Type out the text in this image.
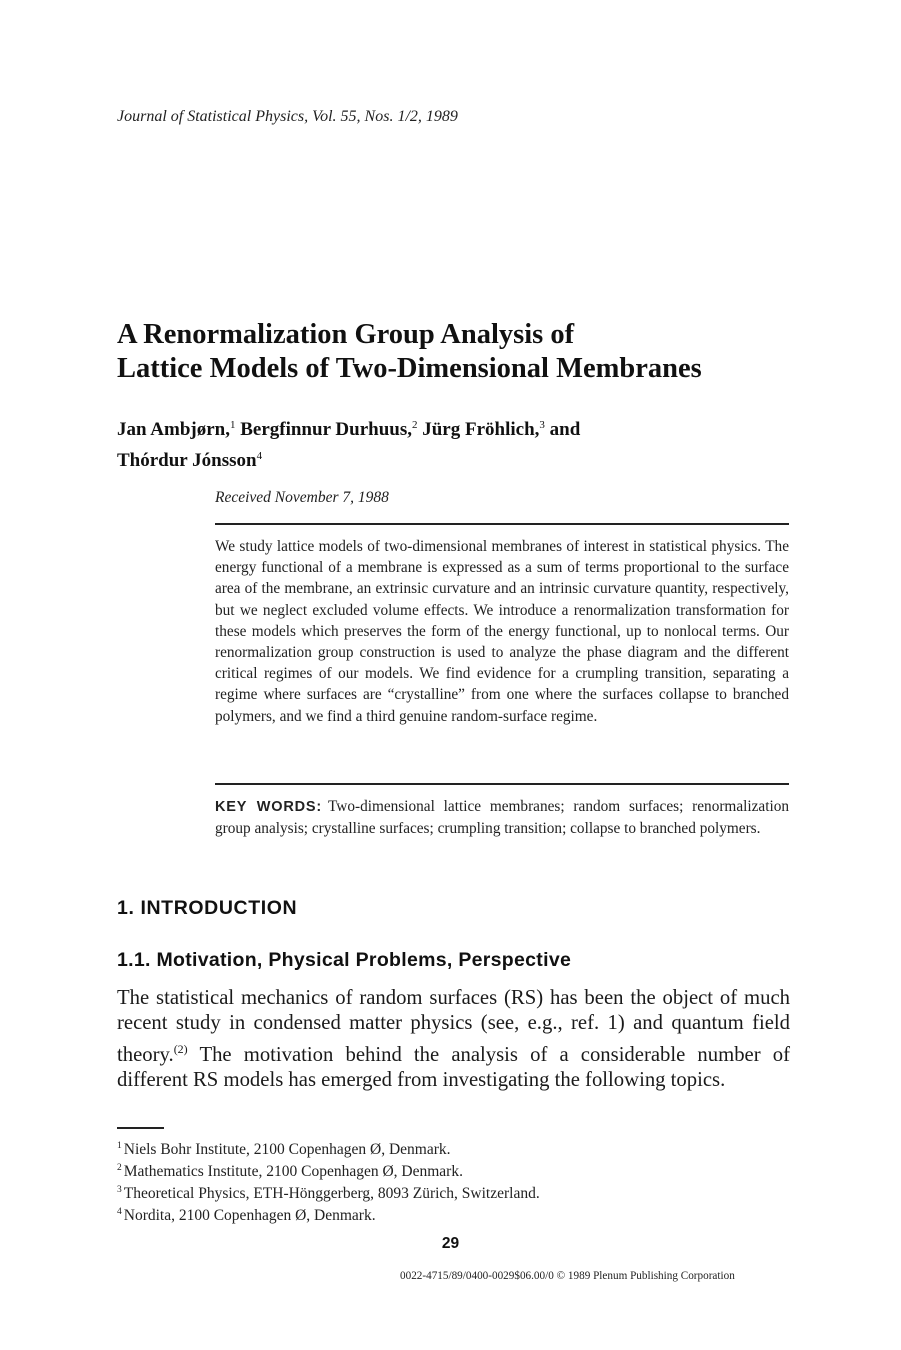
Journal of Statistical Physics, Vol. 55, Nos. 1/2, 1989
A Renormalization Group Analysis of
Lattice Models of Two-Dimensional Membranes
Jan Ambjørn,$^1$ Bergfinnur Durhuus,$^2$ Jürg Fröhlich,$^3$ and
Thórdur Jónsson$^4$
Received November 7, 1988
We study lattice models of two-dimensional membranes of interest in statistical physics. The energy functional of a membrane is expressed as a sum of terms proportional to the surface area of the membrane, an extrinsic curvature and an intrinsic curvature quantity, respectively, but we neglect excluded volume effects. We introduce a renormalization transformation for these models which preserves the form of the energy functional, up to nonlocal terms. Our renormalization group construction is used to analyze the phase diagram and the different critical regimes of our models. We find evidence for a crumpling transition, separating a regime where surfaces are “crystalline” from one where the surfaces collapse to branched polymers, and we find a third genuine random-surface regime.
KEY WORDS: Two-dimensional lattice membranes; random surfaces; renormalization group analysis; crystalline surfaces; crumpling transition; collapse to branched polymers.
1. INTRODUCTION
1.1. Motivation, Physical Problems, Perspective
The statistical mechanics of random surfaces (RS) has been the object of much recent study in condensed matter physics (see, e.g., ref. 1) and quantum field theory.$^{(2)}$ The motivation behind the analysis of a considerable number of different RS models has emerged from investigating the following topics.
$^1$ Niels Bohr Institute, 2100 Copenhagen Ø, Denmark.
$^2$ Mathematics Institute, 2100 Copenhagen Ø, Denmark.
$^3$ Theoretical Physics, ETH-Hönggerberg, 8093 Zürich, Switzerland.
$^4$ Nordita, 2100 Copenhagen Ø, Denmark.
29
0022-4715/89/0400-0029$06.00/0 © 1989 Plenum Publishing Corporation
